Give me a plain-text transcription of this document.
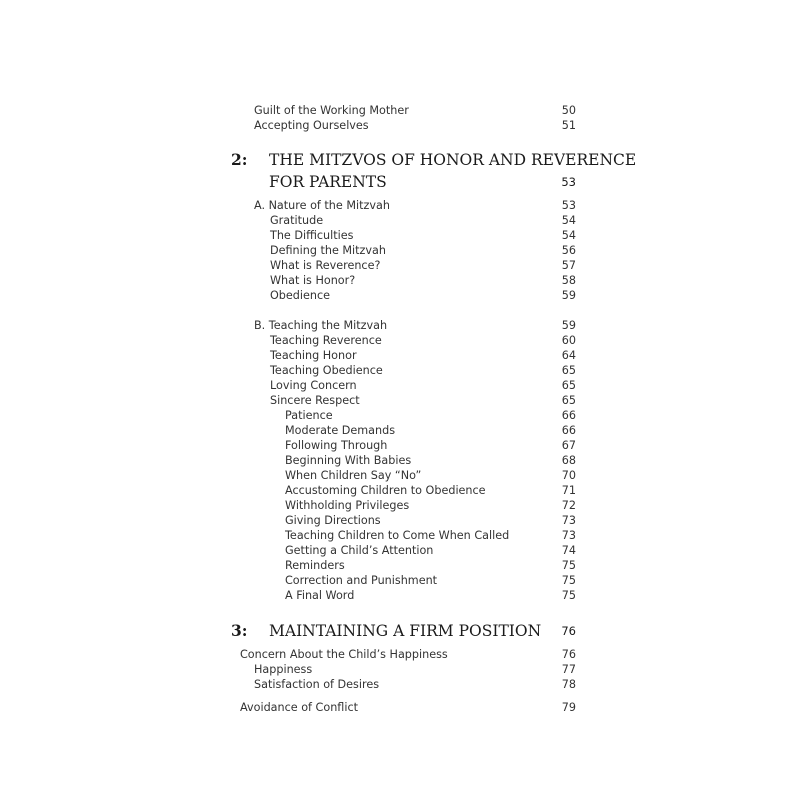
Guilt of the Working Mother	50
Accepting Ourselves	51
2: THE MITZVOS OF HONOR AND REVERENCE
FOR PARENTS	53
A. Nature of the Mitzvah	53
Gratitude	54
The Difficulties	54
Defining the Mitzvah	56
What is Reverence?	57
What is Honor?	58
Obedience	59
B. Teaching the Mitzvah	59
Teaching Reverence	60
Teaching Honor	64
Teaching Obedience	65
Loving Concern	65
Sincere Respect	65
Patience	66
Moderate Demands	66
Following Through	67
Beginning With Babies	68
When Children Say “No”	70
Accustoming Children to Obedience	71
Withholding Privileges	72
Giving Directions	73
Teaching Children to Come When Called	73
Getting a Child’s Attention	74
Reminders	75
Correction and Punishment	75
A Final Word	75
3: MAINTAINING A FIRM POSITION 76
Concern About the Child’s Happiness	76
Happiness	77
Satisfaction of Desires	78
Avoidance of Conflict	79
